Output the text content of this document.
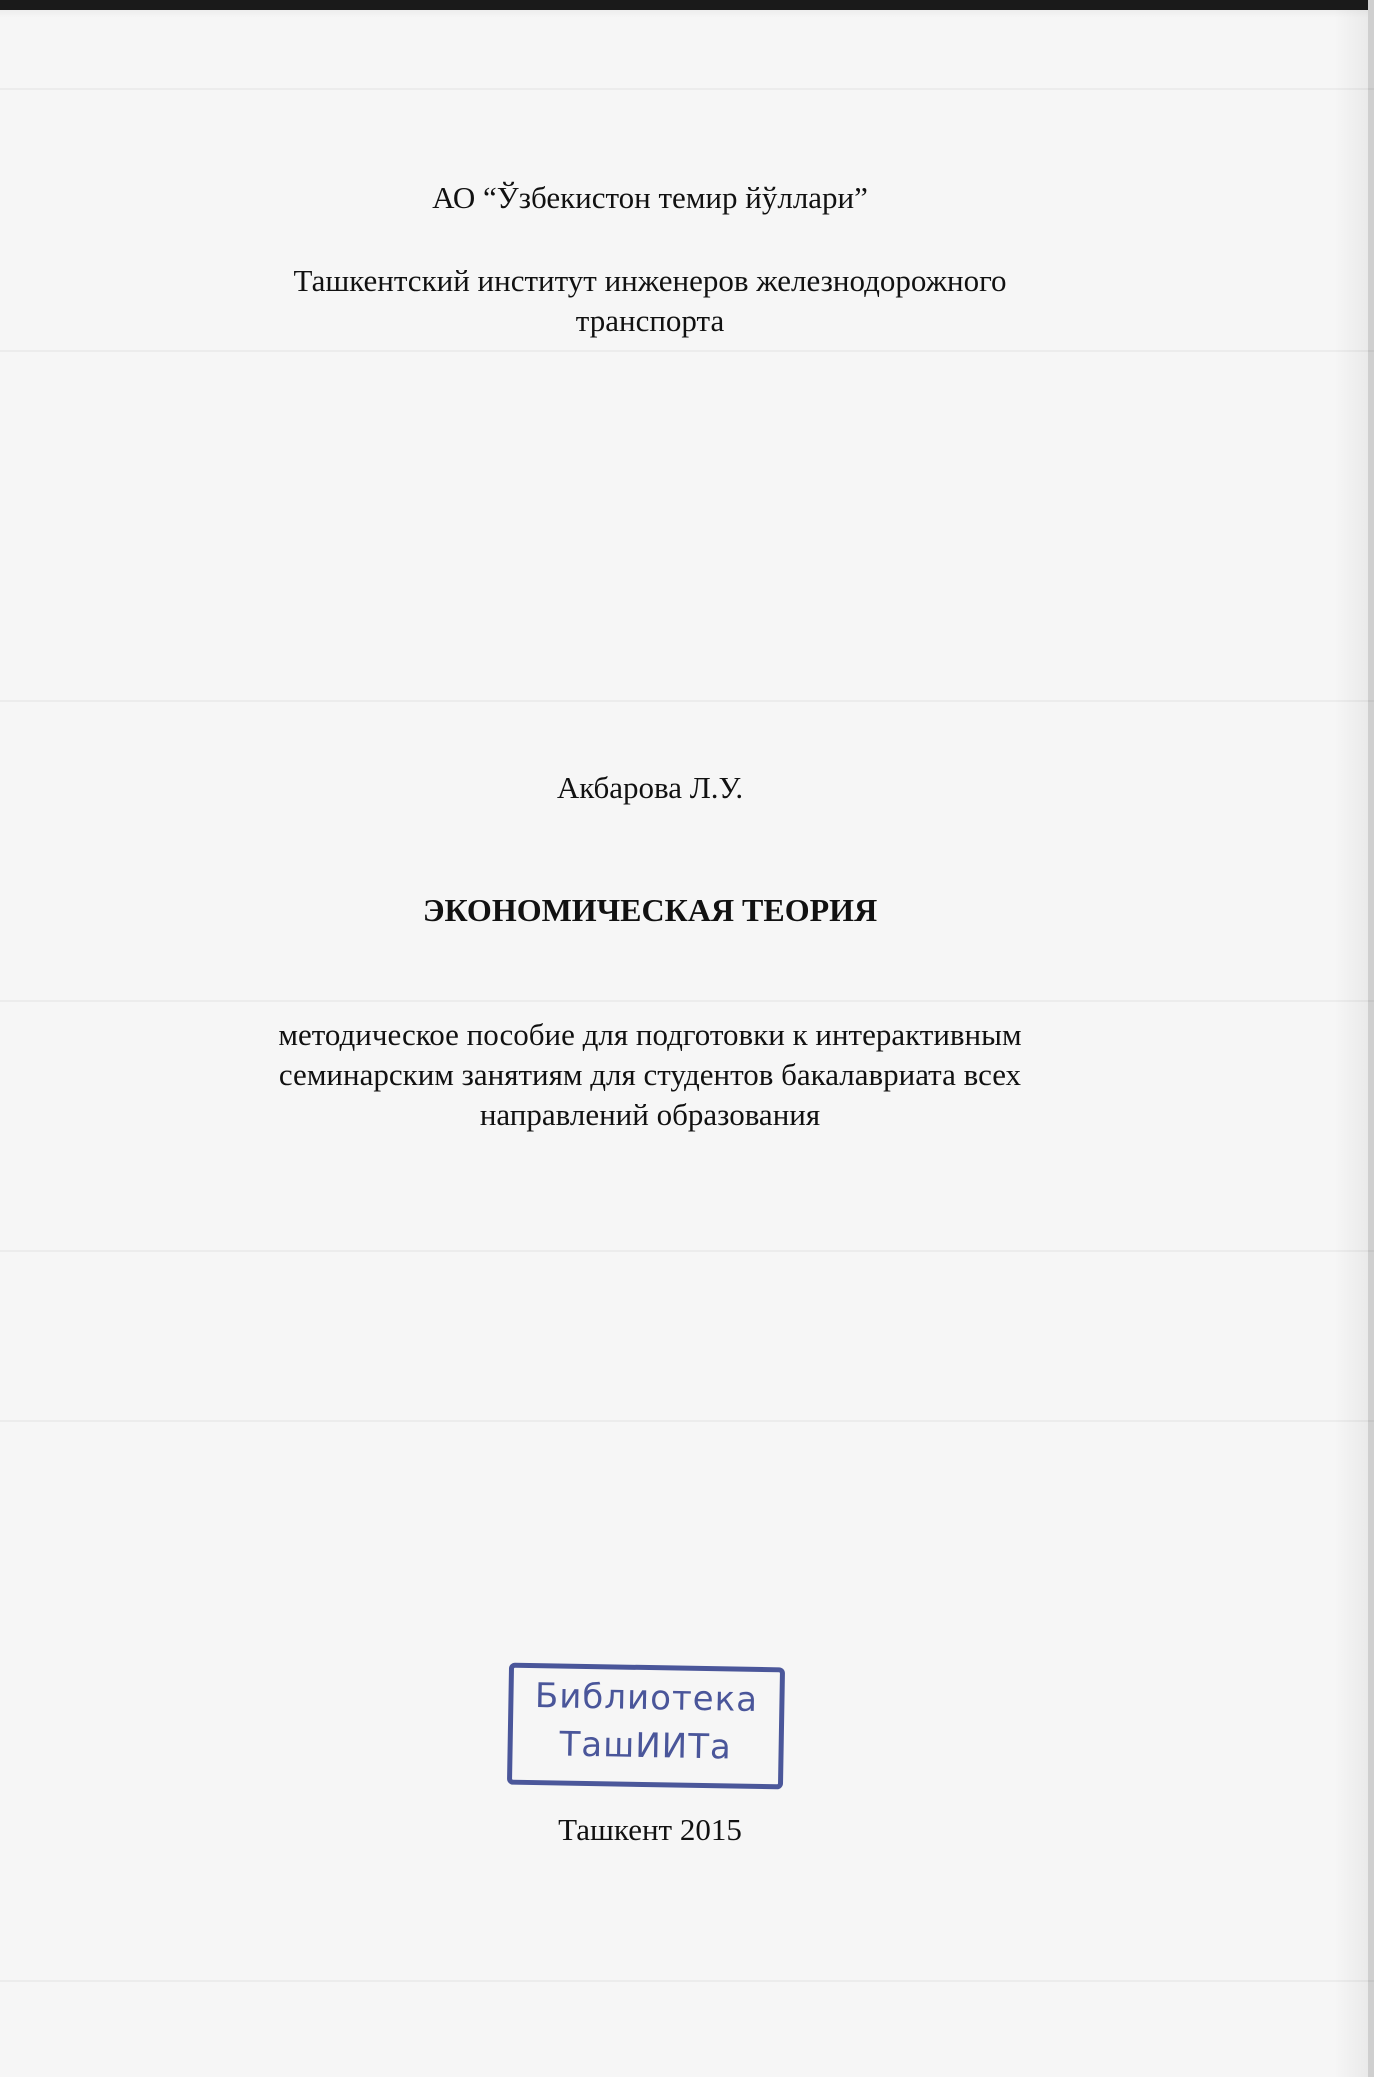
АО “Ўзбекистон темир йўллари”
Ташкентский институт инженеров железнодорожного
транспорта
Акбарова Л.У.
ЭКОНОМИЧЕСКАЯ ТЕОРИЯ
методическое пособие для подготовки к интерактивным
семинарским занятиям для студентов бакалавриата всех
направлений образования
Библиотека
ТашИИТа
Ташкент 2015
